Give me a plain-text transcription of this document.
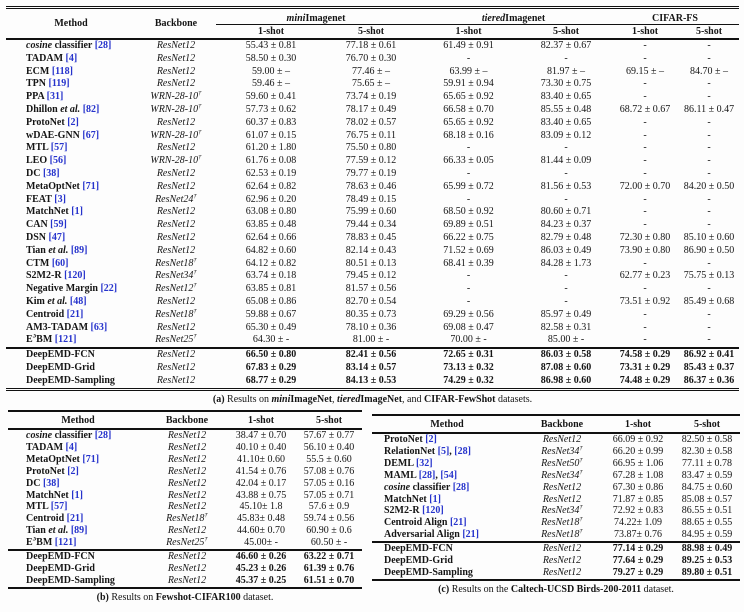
Method	Backbone	miniImagenet		tieredImagenet		CIFAR-FS	
		1-shot	5-shot	1-shot	5-shot	1-shot	5-shot
cosine classifier [28]	ResNet12	55.43 ± 0.81	77.18 ± 0.61	61.49 ± 0.91	82.37 ± 0.67	-	-
TADAM [4]	ResNet12	58.50 ± 0.30	76.70 ± 0.30	-	-	-	-
ECM [118]	ResNet12	59.00 ± –	77.46 ± –	63.99 ± –	81.97 ± –	69.15 ± –	84.70 ± –
TPN [119]	ResNet12	59.46 ± –	75.65 ± –	59.91 ± 0.94	73.30 ± 0.75	-	-
PPA [31]	WRN-28-10†	59.60 ± 0.41	73.74 ± 0.19	65.65 ± 0.92	83.40 ± 0.65	-	-
Dhillon et al. [82]	WRN-28-10†	57.73 ± 0.62	78.17 ± 0.49	66.58 ± 0.70	85.55 ± 0.48	68.72 ± 0.67	86.11 ± 0.47
ProtoNet [2]	ResNet12	60.37 ± 0.83	78.02 ± 0.57	65.65 ± 0.92	83.40 ± 0.65	-	-
wDAE-GNN [67]	WRN-28-10†	61.07 ± 0.15	76.75 ± 0.11	68.18 ± 0.16	83.09 ± 0.12	-	-
MTL [57]	ResNet12	61.20 ± 1.80	75.50 ± 0.80	-	-	-	-
LEO [56]	WRN-28-10†	61.76 ± 0.08	77.59 ± 0.12	66.33 ± 0.05	81.44 ± 0.09	-	-
DC [38]	ResNet12	62.53 ± 0.19	79.77 ± 0.19	-	-	-	-
MetaOptNet [71]	ResNet12	62.64 ± 0.82	78.63 ± 0.46	65.99 ± 0.72	81.56 ± 0.53	72.00 ± 0.70	84.20 ± 0.50
FEAT [3]	ResNet24†	62.96 ± 0.20	78.49 ± 0.15	-	-	-	-
MatchNet [1]	ResNet12	63.08 ± 0.80	75.99 ± 0.60	68.50 ± 0.92	80.60 ± 0.71	-	-
CAN [59]	ResNet12	63.85 ± 0.48	79.44 ± 0.34	69.89 ± 0.51	84.23 ± 0.37	-	-
DSN [47]	ResNet12	62.64 ± 0.66	78.83 ± 0.45	66.22 ± 0.75	82.79 ± 0.48	72.30 ± 0.80	85.10 ± 0.60
Tian et al. [89]	ResNet12	64.82 ± 0.60	82.14 ± 0.43	71.52 ± 0.69	86.03 ± 0.49	73.90 ± 0.80	86.90 ± 0.50
CTM [60]	ResNet18†	64.12 ± 0.82	80.51 ± 0.13	68.41 ± 0.39	84.28 ± 1.73	-	-
S2M2-R [120]	ResNet34†	63.74 ± 0.18	79.45 ± 0.12	-	-	62.77 ± 0.23	75.75 ± 0.13
Negative Margin [22]	ResNet12†	63.85 ± 0.81	81.57 ± 0.56	-	-	-	-
Kim et al. [48]	ResNet12	65.08 ± 0.86	82.70 ± 0.54	-	-	73.51 ± 0.92	85.49 ± 0.68
Centroid [21]	ResNet18†	59.88 ± 0.67	80.35 ± 0.73	69.29 ± 0.56	85.97 ± 0.49	-	-
AM3-TADAM [63]	ResNet12	65.30 ± 0.49	78.10 ± 0.36	69.08 ± 0.47	82.58 ± 0.31	-	-
$E^3BM$ [121]	ResNet25†	64.30 ± -	81.00 ± -	70.00 ± -	85.00 ± -	-	-
DeepEMD-FCN	ResNet12	66.50 ± 0.80	82.41 ± 0.56	72.65 ± 0.31	86.03 ± 0.58	74.58 ± 0.29	86.92 ± 0.41
DeepEMD-Grid	ResNet12	67.83 ± 0.29	83.14 ± 0.57	73.13 ± 0.32	87.08 ± 0.60	73.31 ± 0.29	85.43 ± 0.37
DeepEMD-Sampling	ResNet12	68.77 ± 0.29	84.13 ± 0.53	74.29 ± 0.32	86.98 ± 0.60	74.48 ± 0.29	86.37 ± 0.36
(a) Results on miniImageNet, tieredImageNet, and CIFAR-FewShot datasets.
Method	Backbone	1-shot	5-shot
cosine classifier [28]	ResNet12	38.47 ± 0.70	57.67 ± 0.77
TADAM [4]	ResNet12	40.10 ± 0.40	56.10 ± 0.40
MetaOptNet [71]	ResNet12	41.10± 0.60	55.5 ± 0.60
ProtoNet [2]	ResNet12	41.54 ± 0.76	57.08 ± 0.76
DC [38]	ResNet12	42.04 ± 0.17	57.05 ± 0.16
MatchNet [1]	ResNet12	43.88 ± 0.75	57.05 ± 0.71
MTL [57]	ResNet12	45.10± 1.8	57.6 ± 0.9
Centroid [21]	ResNet18†	45.83± 0.48	59.74 ± 0.56
Tian et al. [89]	ResNet12	44.60± 0.70	60.90 ± 0.6
$E^3BM$ [121]	ResNet25†	45.00± -	60.50 ± -
DeepEMD-FCN	ResNet12	46.60 ± 0.26	63.22 ± 0.71
DeepEMD-Grid	ResNet12	45.23 ± 0.26	61.39 ± 0.76
DeepEMD-Sampling	ResNet12	45.37 ± 0.25	61.51 ± 0.70
(b) Results on Fewshot-CIFAR100 dataset.
Method	Backbone	1-shot	5-shot
ProtoNet [2]	ResNet12	66.09 ± 0.92	82.50 ± 0.58
RelationNet [5], [28]	ResNet34†	66.20 ± 0.99	82.30 ± 0.58
DEML [32]	ResNet50†	66.95 ± 1.06	77.11 ± 0.78
MAML [28], [54]	ResNet34†	67.28 ± 1.08	83.47 ± 0.59
cosine classifier [28]	ResNet12	67.30 ± 0.86	84.75 ± 0.60
MatchNet [1]	ResNet12	71.87 ± 0.85	85.08 ± 0.57
S2M2-R [120]	ResNet34†	72.92 ± 0.83	86.55 ± 0.51
Centroid Align [21]	ResNet18†	74.22± 1.09	88.65 ± 0.55
Adversarial Align [21]	ResNet18†	73.87± 0.76	84.95 ± 0.59
DeepEMD-FCN	ResNet12	77.14 ± 0.29	88.98 ± 0.49
DeepEMD-Grid	ResNet12	77.64 ± 0.29	89.25 ± 0.53
DeepEMD-Sampling	ResNet12	79.27 ± 0.29	89.80 ± 0.51
(c) Results on the Caltech-UCSD Birds-200-2011 dataset.
